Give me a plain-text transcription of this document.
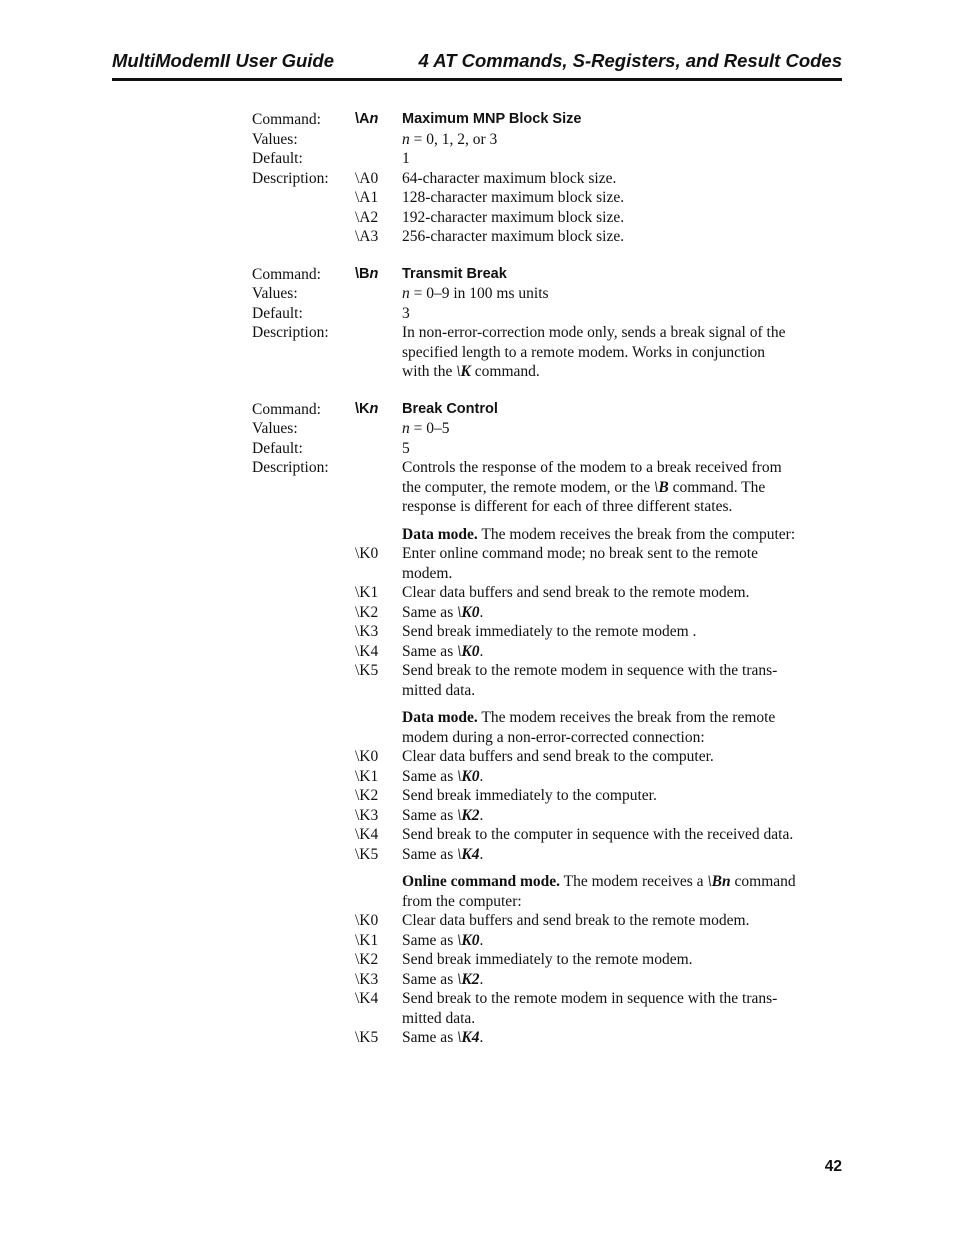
MultiModemII User Guide	4 AT Commands, S-Registers, and Result Codes
Command:	\An	Maximum MNP Block Size
Values:	n = 0, 1, 2, or 3
Default:	1
Description:	\A0	64-character maximum block size.
\A1	128-character maximum block size.
\A2	192-character maximum block size.
\A3	256-character maximum block size.
Command:	\Bn	Transmit Break
Values:	n = 0–9 in 100 ms units
Default:	3
Description:	In non-error-correction mode only, sends a break signal of the
specified length to a remote modem. Works in conjunction
with the \K command.
Command:	\Kn	Break Control
Values:	n = 0–5
Default:	5
Description:	Controls the response of the modem to a break received from
the computer, the remote modem, or the \B command. The
response is different for each of three different states.
Data mode. The modem receives the break from the computer:
\K0	Enter online command mode; no break sent to the remote
modem.
\K1	Clear data buffers and send break to the remote modem.
\K2	Same as \K0.
\K3	Send break immediately to the remote modem .
\K4	Same as \K0.
\K5	Send break to the remote modem in sequence with the trans-
mitted data.
Data mode. The modem receives the break from the remote
modem during a non-error-corrected connection:
\K0	Clear data buffers and send break to the computer.
\K1	Same as \K0.
\K2	Send break immediately to the computer.
\K3	Same as \K2.
\K4	Send break to the computer in sequence with the received data.
\K5	Same as \K4.
Online command mode. The modem receives a \Bn command
from the computer:
\K0	Clear data buffers and send break to the remote modem.
\K1	Same as \K0.
\K2	Send break immediately to the remote modem.
\K3	Same as \K2.
\K4	Send break to the remote modem in sequence with the trans-
mitted data.
\K5	Same as \K4.
42
